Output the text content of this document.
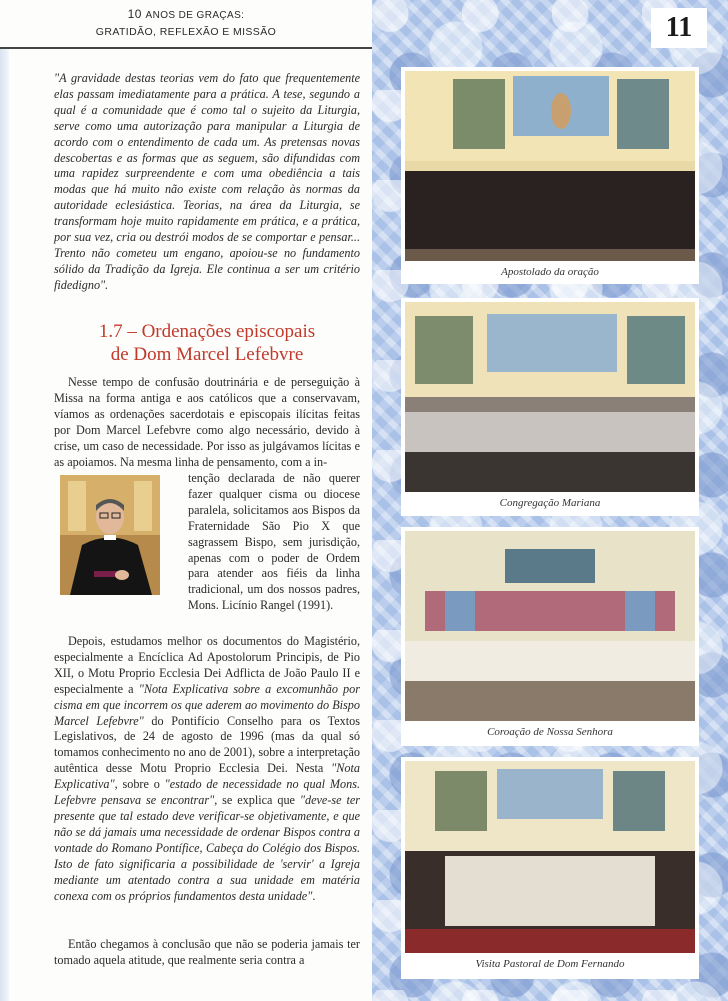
10 ANOS DE GRAÇAS:
GRATIDÃO, REFLEXÃO E MISSÃO	11
"A gravidade destas teorias vem do fato que frequentemente elas passam imediatamente para a prática. A tese, segundo a qual é a comunidade que é como tal o sujeito da Liturgia, serve como uma autorização para manipular a Liturgia de acordo com o entendimento de cada um. As pretensas novas descobertas e as formas que as seguem, são difundidas com uma rapidez surpreendente e com uma obediência a tais modas que há muito não existe com relação às normas da autoridade eclesiástica. Teorias, na área da Liturgia, se transformam hoje muito rapidamente em prática, e a prática, por sua vez, cria ou destrói modos de se comportar e pensar... Trento não cometeu um engano, apoiou-se no fundamento sólido da Tradição da Igreja. Ele continua a ser um critério fidedigno".
1.7 – Ordenações episcopais
de Dom Marcel Lefebvre
Nesse tempo de confusão doutrinária e de perseguição à Missa na forma antiga e aos católicos que a conservavam, víamos as ordenações sacerdotais e episcopais ilícitas feitas por Dom Marcel Lefebvre como algo necessário, devido à crise, um caso de necessidade. Por isso as julgávamos lícitas e as apoiamos. Na mesma linha de pensamento, com a in-
tenção declarada de não querer fazer qualquer cisma ou diocese paralela, solicitamos aos Bispos da Fraternidade São Pio X que sagrassem Bispo, sem jurisdição, apenas com o poder de Ordem para atender aos fiéis da linha tradicional, um dos nossos padres, Mons. Licínio Rangel (1991).
Depois, estudamos melhor os documentos do Magistério, especialmente a Encíclica Ad Apostolorum Principis, de Pio XII, o Motu Proprio Ecclesia Dei Adflicta de João Paulo II e especialmente a "Nota Explicativa sobre a excomunhão por cisma em que incorrem os que aderem ao movimento do Bispo Marcel Lefebvre" do Pontifício Conselho para os Textos Legislativos, de 24 de agosto de 1996 (mas da qual só tomamos conhecimento no ano de 2001), sobre a interpretação autêntica desse Motu Proprio Ecclesia Dei. Nesta "Nota Explicativa", sobre o "estado de necessidade no qual Mons. Lefebvre pensava se encontrar", se explica que "deve-se ter presente que tal estado deve verificar-se objetivamente, e que não se dá jamais uma necessidade de ordenar Bispos contra a vontade do Romano Pontífice, Cabeça do Colégio dos Bispos. Isto de fato significaria a possibilidade de 'servir' a Igreja mediante um atentado contra a sua unidade em matéria conexa com os próprios fundamentos desta unidade".
Então chegamos à conclusão que não se poderia jamais ter tomado aquela atitude, que realmente seria contra a
Apostolado da oração
Congregação Mariana
Coroação de Nossa Senhora
Visita Pastoral de Dom Fernando
